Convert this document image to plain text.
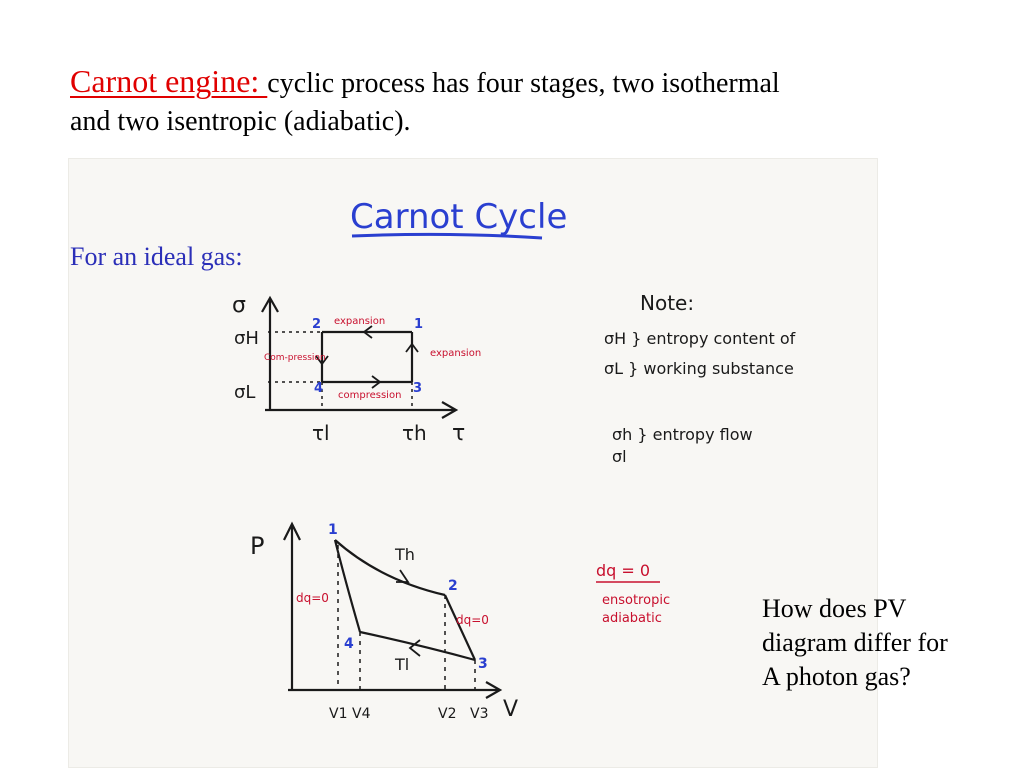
Carnot engine: cyclic process has four stages, two isothermal
and two isentropic (adiabatic).
Carnot Cycle
σ
σH
σL
τl	τh τ
1
2
3
4
expansion
expansion
compression
Com-pression
Note:
σH } entropy content of
σL } working substance
σh } entropy flow
σl
P
V
1
2
3
4
Th
Tl
dq=0
dq=0
V1 V4	V2 V3
dq = 0
ensotropic
adiabatic
For an ideal gas:
How does PV
diagram differ for
A photon gas?
